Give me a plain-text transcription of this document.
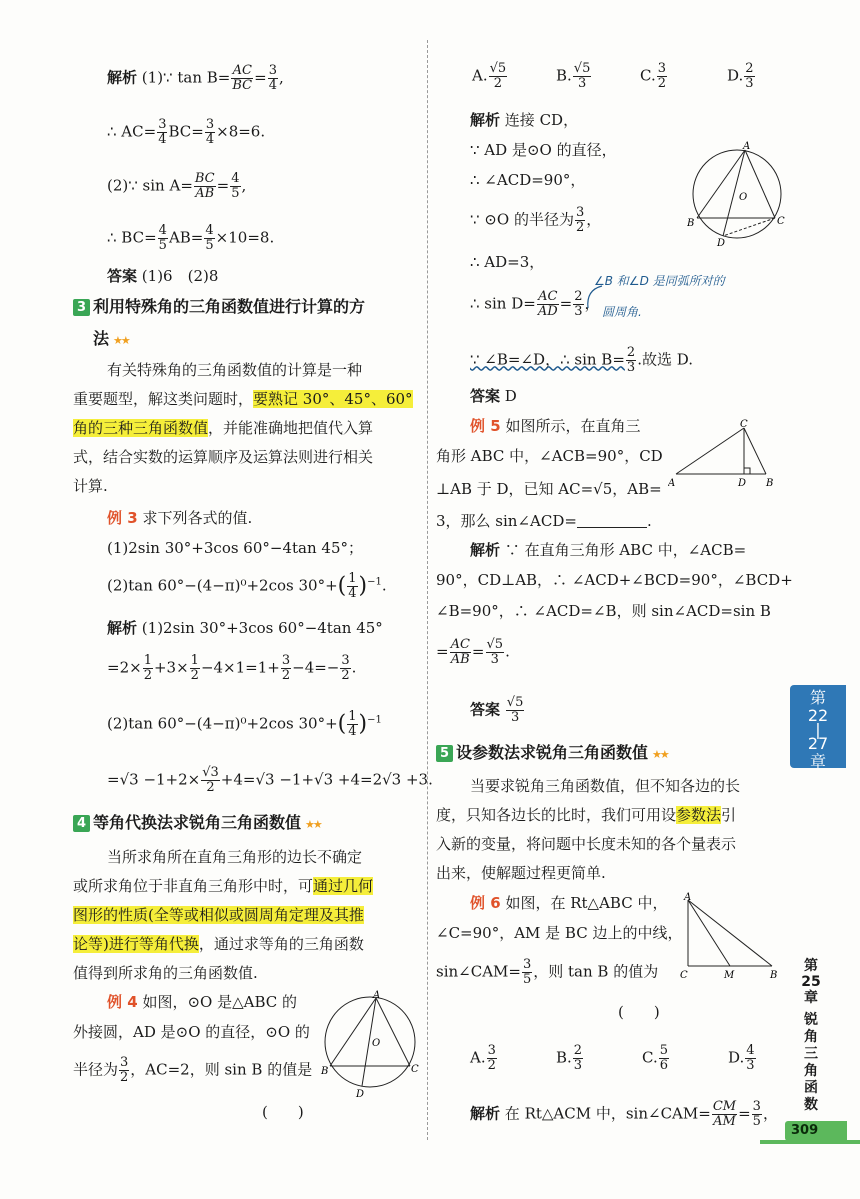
解析 (1)∵ $\tan B= \frac{AC}{BC} = \frac{3}{4}$ ,
∴ $AC= \frac{3}{4} BC= \frac{3}{4} \times 8=6$.
(2)∵ $\sin A= \frac{BC}{AB} = \frac{4}{5}$ ,
∴ $BC= \frac{4}{5} AB= \frac{4}{5} \times 10=8$.
答案 (1)6　(2)8
3 利用特殊角的三角函数值进行计算的方
法 ★★
有关特殊角的三角函数值的计算是一种
重要题型，解这类问题时，要熟记 30°、45°、60°
角的三种三角函数值，并能准确地把值代入算
式，结合实数的运算顺序及运算法则进行相关
计算.
例 3 求下列各式的值.
(1)2sin 30°+3cos 60°−4tan 45°；
(2)tan 60°−(4−π)⁰+2cos $30^\circ+( \frac{1}{4} )^{-1}$.
解析 (1)2sin 30°+3cos 60°−4tan 45°
$=2\times \frac{1}{2} +3\times \frac{1}{2} -4\times 1=1+ \frac{3}{2} -4=- \frac{3}{2}$ .
(2)tan 60°−(4−π)⁰+2cos $30^\circ+( \frac{1}{4} )^{-1}$
$=√3 -1+2\times \frac{√3}{2} +4=√3 -1+√3 +4=2√3 +3$.
4 等角代换法求锐角三角函数值 ★★
当所求角所在直角三角形的边长不确定
或所求角位于非直角三角形中时，可通过几何
图形的性质(全等或相似或圆周角定理及其推
论等)进行等角代换，通过求等角的三角函数
值得到所求角的三角函数值.
例 4 如图，⊙O 是△ABC 的
外接圆，AD 是⊙O 的直径，⊙O 的
半径为 $\frac{3}{2}$ ，AC=2，则 sin B 的值是
(　　)
A
B	C
D
O
A. $\frac{√5}{2}$	B. $\frac{√5}{3}$	C. $\frac{3}{2}$	D. $\frac{2}{3}$
解析 连接 CD，
∵ AD 是⊙O 的直径，
∴ ∠ACD=90°，
∵ ⊙O 的半径为 $\frac{3}{2}$ ，
∴ AD=3，
∴ $\sin D= \frac{AC}{AD} = \frac{2}{3}$ ，
∠B 和∠D 是同弧所对的
圆周角.
∵ ∠B=∠D，∴ $\sin B= \frac{2}{3}$ .故选 D.
答案 D
A
B	C
D
O
例 5 如图所示，在直角三
角形 ABC 中，∠ACB=90°，CD
⊥AB 于 D，已知 AC=√5，AB=
3，那么 sin∠ACD=	.
A
C
D B
解析 ∵ 在直角三角形 ABC 中，∠ACB=
90°，CD⊥AB，∴ ∠ACD+∠BCD=90°，∠BCD+
∠B=90°，∴ ∠ACD=∠B，则 sin∠ACD=sin B
= $\frac{AC}{AB} = \frac{√5}{3}$ .
答案 $\frac{√5}{3}$
5 设参数法求锐角三角函数值 ★★
当要求锐角三角函数值，但不知各边的长
度，只知各边长的比时，我们可用设参数法引
入新的变量，将问题中长度未知的各个量表示
出来，使解题过程更简单.
例 6 如图，在 Rt△ABC 中，
∠C=90°，AM 是 BC 边上的中线，
sin∠CAM= $\frac{3}{5}$ ，则 tan B 的值为
(　　)
A
C	M	B
A. $\frac{3}{2}$	B. $\frac{2}{3}$	C. $\frac{5}{6}$	D. $\frac{4}{3}$
解析 在 Rt△ACM 中，sin∠CAM= $\frac{CM}{AM} = \frac{3}{5}$ ，
第
22
|
27
章
第
25
章
锐角三角函数
309
